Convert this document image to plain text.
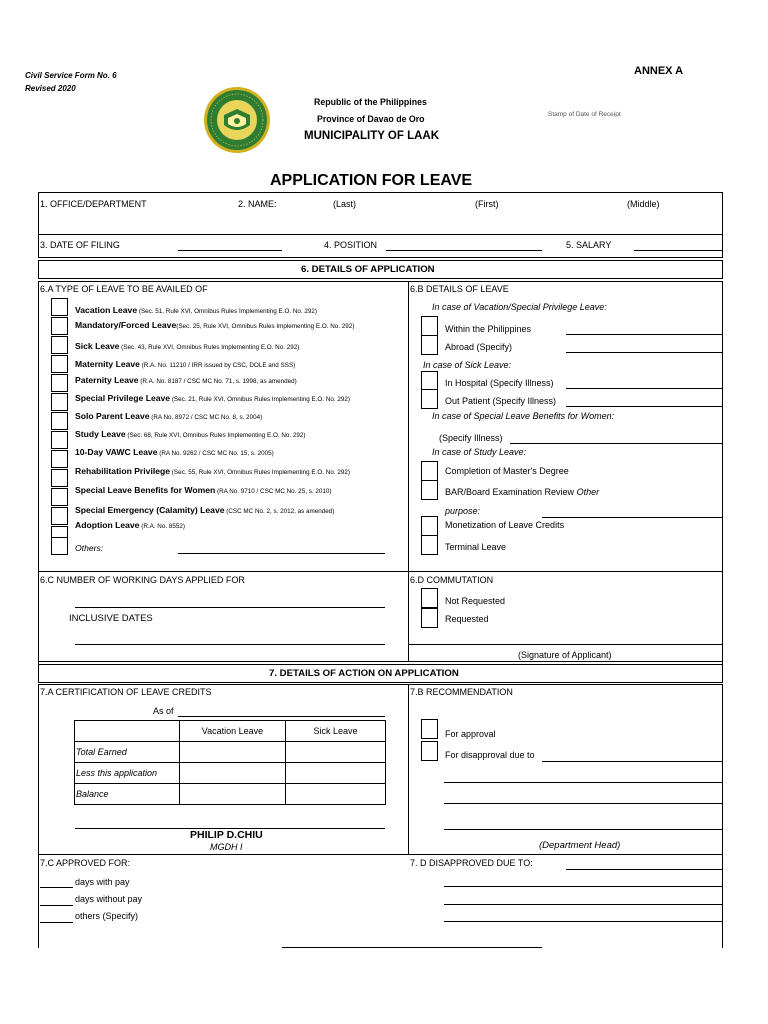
Civil Service Form No. 6
Revised 2020
ANNEX A
Republic of the Philippines
Province of Davao de Oro
MUNICIPALITY OF LAAK
Stamp of Date of Receipt
APPLICATION FOR LEAVE
1. OFFICE/DEPARTMENT	2. NAME:	(Last)	(First)	(Middle)
3. DATE OF FILING	4. POSITION	5. SALARY
6. DETAILS OF APPLICATION
6.A TYPE OF LEAVE TO BE AVAILED OF	6.B DETAILS OF LEAVE
Vacation Leave (Sec. 51, Rule XVI, Omnibus Rules Implementing E.O. No. 292)
Mandatory/Forced Leave(Sec. 25, Rule XVI, Omnibus Rules Implementing E.O. No. 292)
Sick Leave (Sec. 43, Rule XVI, Omnibus Rules Implementing E.O. No. 292)
Maternity Leave (R.A. No. 11210 / IRR issued by CSC, DOLE and SSS)
Paternity Leave (R.A. No. 8187 / CSC MC No. 71, s. 1998, as amended)
Special Privilege Leave (Sec. 21, Rule XVI, Omnibus Rules Implementing E.O. No. 292)
Solo Parent Leave (RA No. 8972 / CSC MC No. 8, s. 2004)
Study Leave (Sec. 68, Rule XVI, Omnibus Rules Implementing E.O. No. 292)
10-Day VAWC Leave (RA No. 9262 / CSC MC No. 15, s. 2005)
Rehabilitation Privilege (Sec. 55, Rule XVI, Omnibus Rules Implementing E.O. No. 292)
Special Leave Benefits for Women (RA No. 9710 / CSC MC No. 25, s. 2010)
Special Emergency (Calamity) Leave (CSC MC No. 2, s. 2012, as amended)
Adoption Leave (R.A. No. 8552)
Others:
In case of Vacation/Special Privilege Leave:
Within the Philippines
Abroad (Specify)
In case of Sick Leave:
In Hospital (Specify Illness)
Out Patient (Specify Illness)
In case of Special Leave Benefits for Women:
(Specify Illness)
In case of Study Leave:
Completion of Master's Degree
BAR/Board Examination Review Other
purpose:
Monetization of Leave Credits
Terminal Leave
6.C NUMBER OF WORKING DAYS APPLIED FOR
INCLUSIVE DATES
6.D COMMUTATION
Not Requested
Requested
(Signature of Applicant)
7. DETAILS OF ACTION ON APPLICATION
7.A CERTIFICATION OF LEAVE CREDITS
As of
	Vacation Leave	Sick Leave
Total Earned		
Less this application		
Balance		
PHILIP D.CHIU
MGDH I
7.B RECOMMENDATION
For approval
For disapproval due to
(Department Head)
7.C APPROVED FOR:
days with pay
days without pay
others (Specify)
7. D DISAPPROVED DUE TO:
